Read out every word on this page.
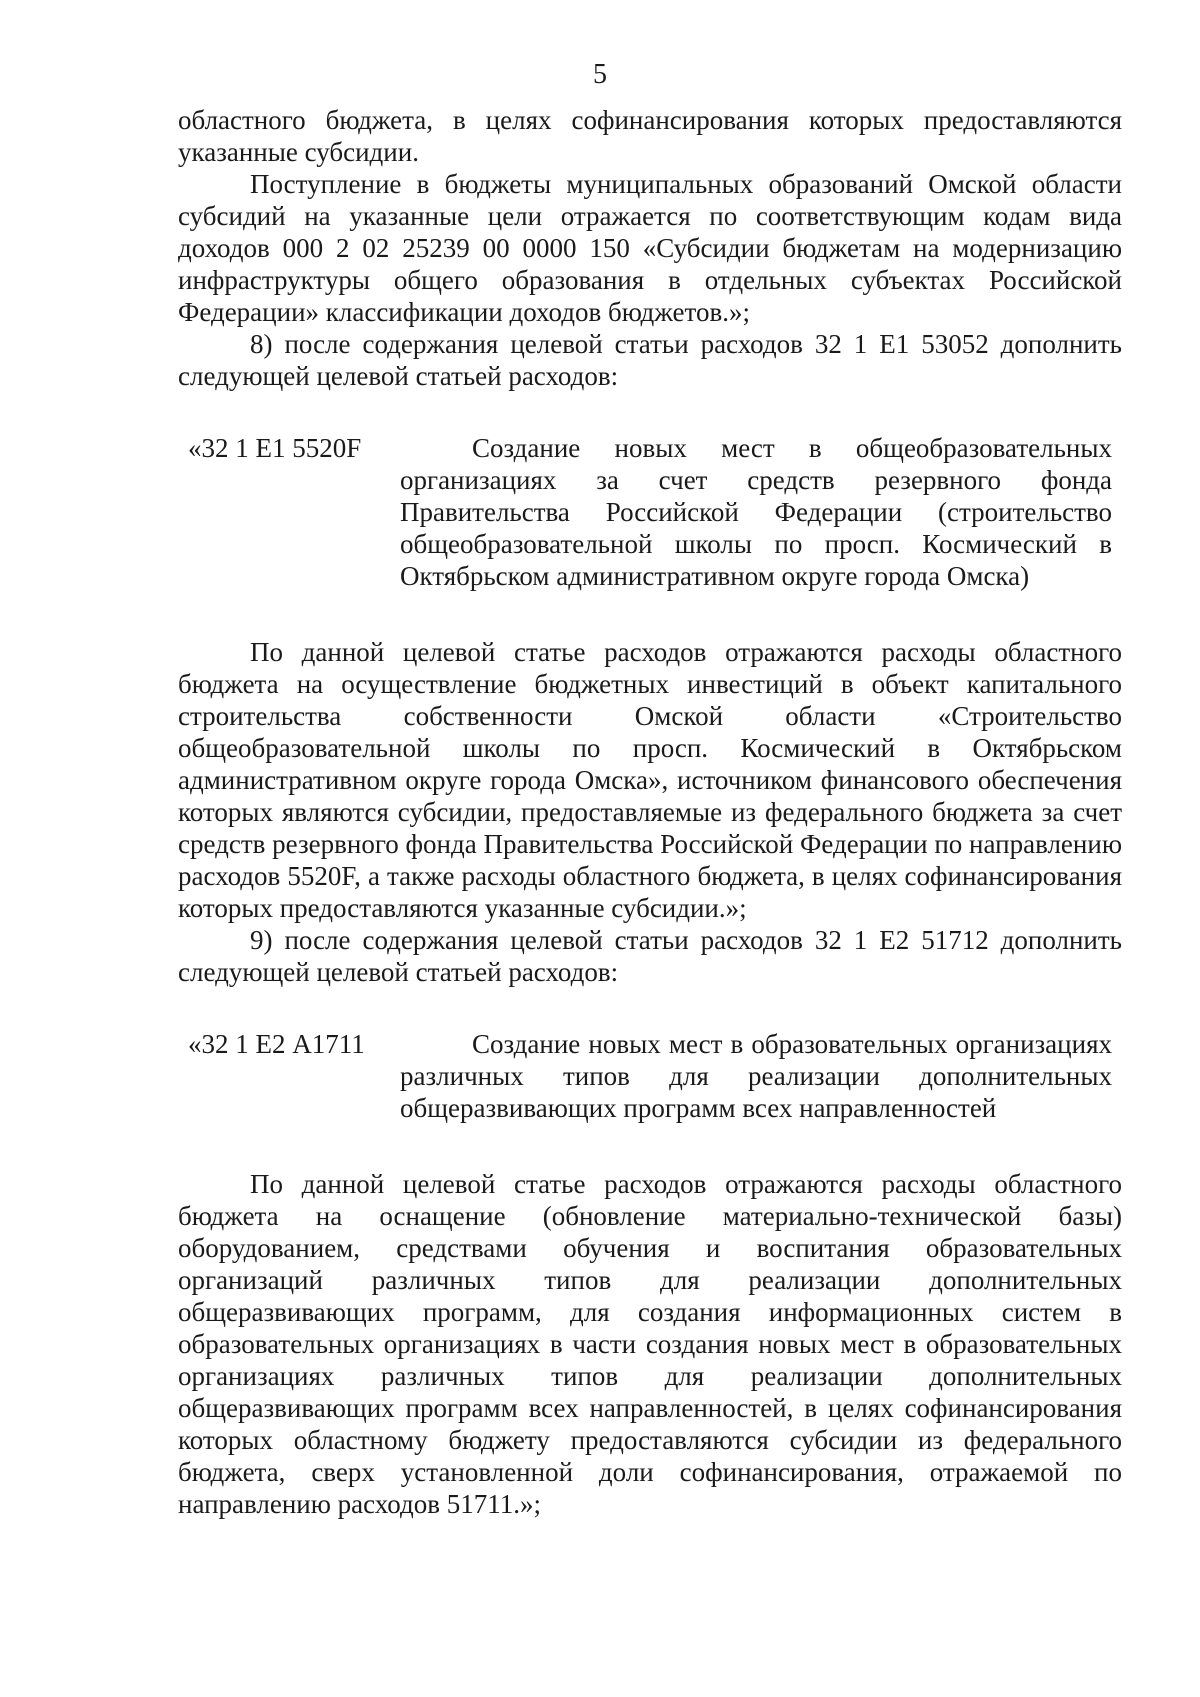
5

областного бюджета, в целях софинансирования которых предоставляются указанные субсидии.

Поступление в бюджеты муниципальных образований Омской области субсидий на указанные цели отражается по соответствующим кодам вида доходов 000 2 02 25239 00 0000 150 «Субсидии бюджетам на модернизацию инфраструктуры общего образования в отдельных субъектах Российской Федерации» классификации доходов бюджетов.»;

8) после содержания целевой статьи расходов 32 1 Е1 53052 дополнить следующей целевой статьей расходов:

«32 1 Е1 5520F	Создание новых мест в общеобразовательных организациях за счет средств резервного фонда Правительства Российской Федерации (строительство общеобразовательной школы по просп. Космический в Октябрьском административном округе города Омска)

По данной целевой статье расходов отражаются расходы областного бюджета на осуществление бюджетных инвестиций в объект капитального строительства собственности Омской области «Строительство общеобразовательной школы по просп. Космический в Октябрьском административном округе города Омска», источником финансового обеспечения которых являются субсидии, предоставляемые из федерального бюджета за счет средств резервного фонда Правительства Российской Федерации по направлению расходов 5520F, а также расходы областного бюджета, в целях софинансирования которых предоставляются указанные субсидии.»;

9) после содержания целевой статьи расходов 32 1 Е2 51712 дополнить следующей целевой статьей расходов:

«32 1 Е2 А1711	Создание новых мест в образовательных организациях различных типов для реализации дополнительных общеразвивающих программ всех направленностей

По данной целевой статье расходов отражаются расходы областного бюджета на оснащение (обновление материально-технической базы) оборудованием, средствами обучения и воспитания образовательных организаций различных типов для реализации дополнительных общеразвивающих программ, для создания информационных систем в образовательных организациях в части создания новых мест в образовательных организациях различных типов для реализации дополнительных общеразвивающих программ всех направленностей, в целях софинансирования которых областному бюджету предоставляются субсидии из федерального бюджета, сверх установленной доли софинансирования, отражаемой по направлению расходов 51711.»;
